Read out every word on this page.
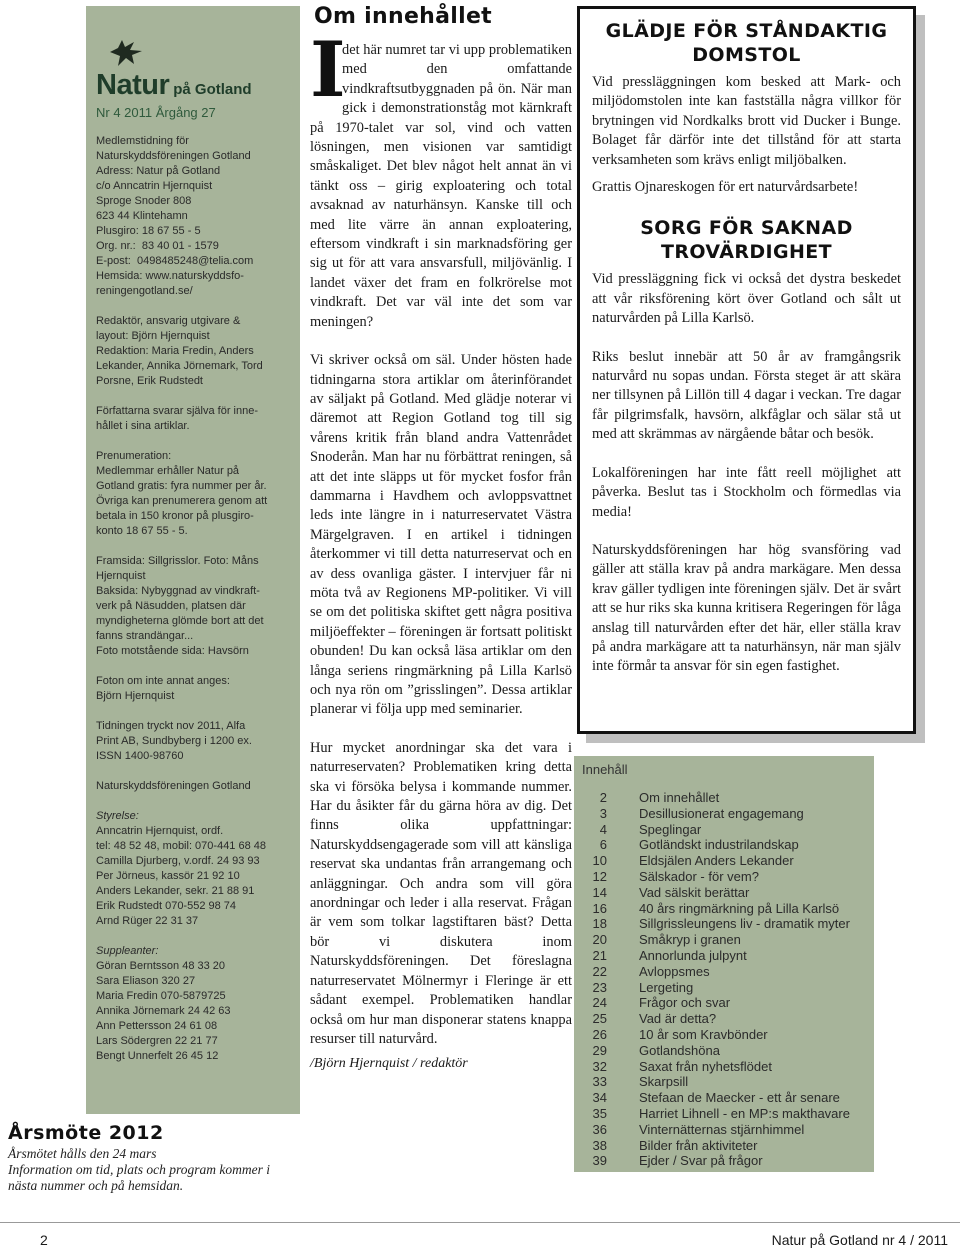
Natur på Gotland
Nr 4 2011 Årgång 27
Medlemstidning för
Naturskyddsföreningen Gotland
Adress: Natur på Gotland
c/o Anncatrin Hjernquist
Sproge Snoder 808
623 44 Klintehamn
Plusgiro: 18 67 55 - 5
Org. nr.:  83 40 01 - 1579
E-post:  0498485248@telia.com
Hemsida: www.naturskyddsfo-
reningengotland.se/
Redaktör, ansvarig utgivare &
layout: Björn Hjernquist
Redaktion: Maria Fredin, Anders
Lekander, Annika Jörnemark, Tord
Porsne, Erik Rudstedt
Författarna svarar själva för inne-
hållet i sina artiklar.
Prenumeration:
Medlemmar erhåller Natur på
Gotland gratis: fyra nummer per år.
Övriga kan prenumerera genom att
betala in 150 kronor på plusgiro-
konto 18 67 55 - 5.
Framsida: Sillgrisslor. Foto: Måns
Hjernquist
Baksida: Nybyggnad av vindkraft-
verk på Näsudden, platsen där
myndigheterna glömde bort att det
fanns strandängar...
Foto motstående sida: Havsörn
Foton om inte annat anges:
Björn Hjernquist
Tidningen tryckt nov 2011, Alfa
Print AB, Sundbyberg i 1200 ex.
ISSN 1400-98760
Naturskyddsföreningen Gotland
Styrelse:
Anncatrin Hjernquist, ordf.
tel: 48 52 48, mobil: 070-441 68 48
Camilla Djurberg, v.ordf. 24 93 93
Per Jörneus, kassör 21 92 10
Anders Lekander, sekr. 21 88 91
Erik Rudstedt 070-552 98 74
Arnd Rüger 22 31 37
Suppleanter:
Göran Berntsson 48 33 20
Sara Eliason 320 27
Maria Fredin 070-5879725
Annika Jörnemark 24 42 63
Ann Pettersson 24 61 08
Lars Södergren 22 21 77
Bengt Unnerfelt 26 45 12
Årsmöte 2012
Årsmötet hålls den 24 mars
Information om tid, plats och program kommer i
nästa nummer och på hemsidan.
Om innehållet

I
det här numret tar vi upp problematiken med den omfattande vindkraftsutbyggnaden på ön. När man gick i demonstrationståg mot kärnkraft på 1970-talet var sol, vind och vatten lösningen, men visionen var samtidigt småskaliget. Det blev något helt annat än vi tänkt oss – girig exploatering och total avsaknad av naturhänsyn. Kanske till och med lite värre än annan exploatering, eftersom vindkraft i sin marknadsföring ger sig ut för att vara ansvarsfull, miljövänlig. I landet växer det fram en folkrörelse mot vindkraft. Det var väl inte det som var meningen?

Vi skriver också om säl. Under hösten hade tidningarna stora artiklar om återinförandet av säljakt på Gotland. Med glädje noterar vi däremot att Region Gotland tog till sig vårens kritik från bland andra Vattenrådet Snoderån. Man har nu förbättrat reningen, så att det inte släpps ut för mycket fosfor från dammarna i Havdhem och avloppsvattnet leds inte längre in i naturreservatet Västra Märgelgraven. I en artikel i tidningen återkommer vi till detta naturreservat och en av dess ovanliga gäster. I intervjuer får ni möta två av Regionens MP-politiker. Vi vill se om det politiska skiftet gett några positiva miljöeffekter – föreningen är fortsatt politiskt obunden! Du kan också läsa artiklar om den långa seriens ringmärkning på Lilla Karlsö och nya rön om ”grisslingen”. Dessa artiklar planerar vi följa upp med seminarier.

Hur mycket anordningar ska det vara i naturreservaten? Problematiken kring detta ska vi försöka belysa i kommande nummer. Har du åsikter får du gärna höra av dig. Det finns olika uppfattningar: Naturskyddsengagerade som vill att känsliga reservat ska undantas från arrangemang och anläggningar. Och andra som vill göra anordningar och leder i alla reservat. Frågan är vem som tolkar lagstiftaren bäst? Detta bör vi diskutera inom Naturskyddsföreningen. Det föreslagna naturreservatet Mölnermyr i Fleringe är ett sådant exempel. Problematiken handlar också om hur man disponerar statens knappa resurser till naturvård.

/Björn Hjernquist / redaktör
GLÄDJE FÖR STÅNDAKTIG DOMSTOL

Vid pressläggningen kom besked att Mark- och miljödomstolen inte kan fastställa några villkor för brytningen vid Nordkalks brott vid Ducker i Bunge. Bolaget får därför inte det tillstånd för att starta verksamheten som krävs enligt miljöbalken.

Grattis Ojnareskogen för ert naturvårdsarbete!

SORG FÖR SAKNAD TROVÄRDIGHET

Vid pressläggning fick vi också det dystra beskedet att vår riksförening kört över Gotland och sålt ut naturvården på Lilla Karlsö.

Riks beslut innebär att 50 år av framgångsrik naturvård nu sopas undan. Första steget är att skära ner tillsynen på Lillön till 4 dagar i veckan. Tre dagar får pilgrimsfalk, havsörn, alkfåglar och sälar stå ut med att skrämmas av närgående båtar och besök.

Lokalföreningen har inte fått reell möjlighet att påverka. Beslut tas i Stockholm och förmedlas via media!

Naturskyddsföreningen har hög svansföring vad gäller att ställa krav på andra markägare. Men dessa krav gäller tydligen inte föreningen själv. Det är svårt att se hur riks ska kunna kritisera Regeringen för låga anslag till naturvården efter det här, eller ställa krav på andra markägare att ta naturhänsyn, när man själv inte förmår ta ansvar för sin egen fastighet.

Innehåll
2 Om innehållet
3 Desillusionerat engagemang
4 Speglingar
6 Gotländskt industrilandskap
10 Eldsjälen Anders Lekander
12 Sälskador - för vem?
14 Vad sälskit berättar
16 40 års ringmärkning på Lilla Karlsö
18 Sillgrissleungens liv - dramatik myter
20 Småkryp i granen
21 Annorlunda julpynt
22 Avloppsmes
23 Lergeting
24 Frågor och svar
25 Vad är detta?
26 10 år som Kravbönder
29 Gotlandshöna
32 Saxat från nyhetsflödet
33 Skarpsill
34 Stefaan de Maecker - ett år senare
35 Harriet Lihnell - en MP:s makthavare
36 Vinternätternas stjärnhimmel
38 Bilder från aktiviteter
39 Ejder / Svar på frågor
2	Natur på Gotland nr 4 / 2011
